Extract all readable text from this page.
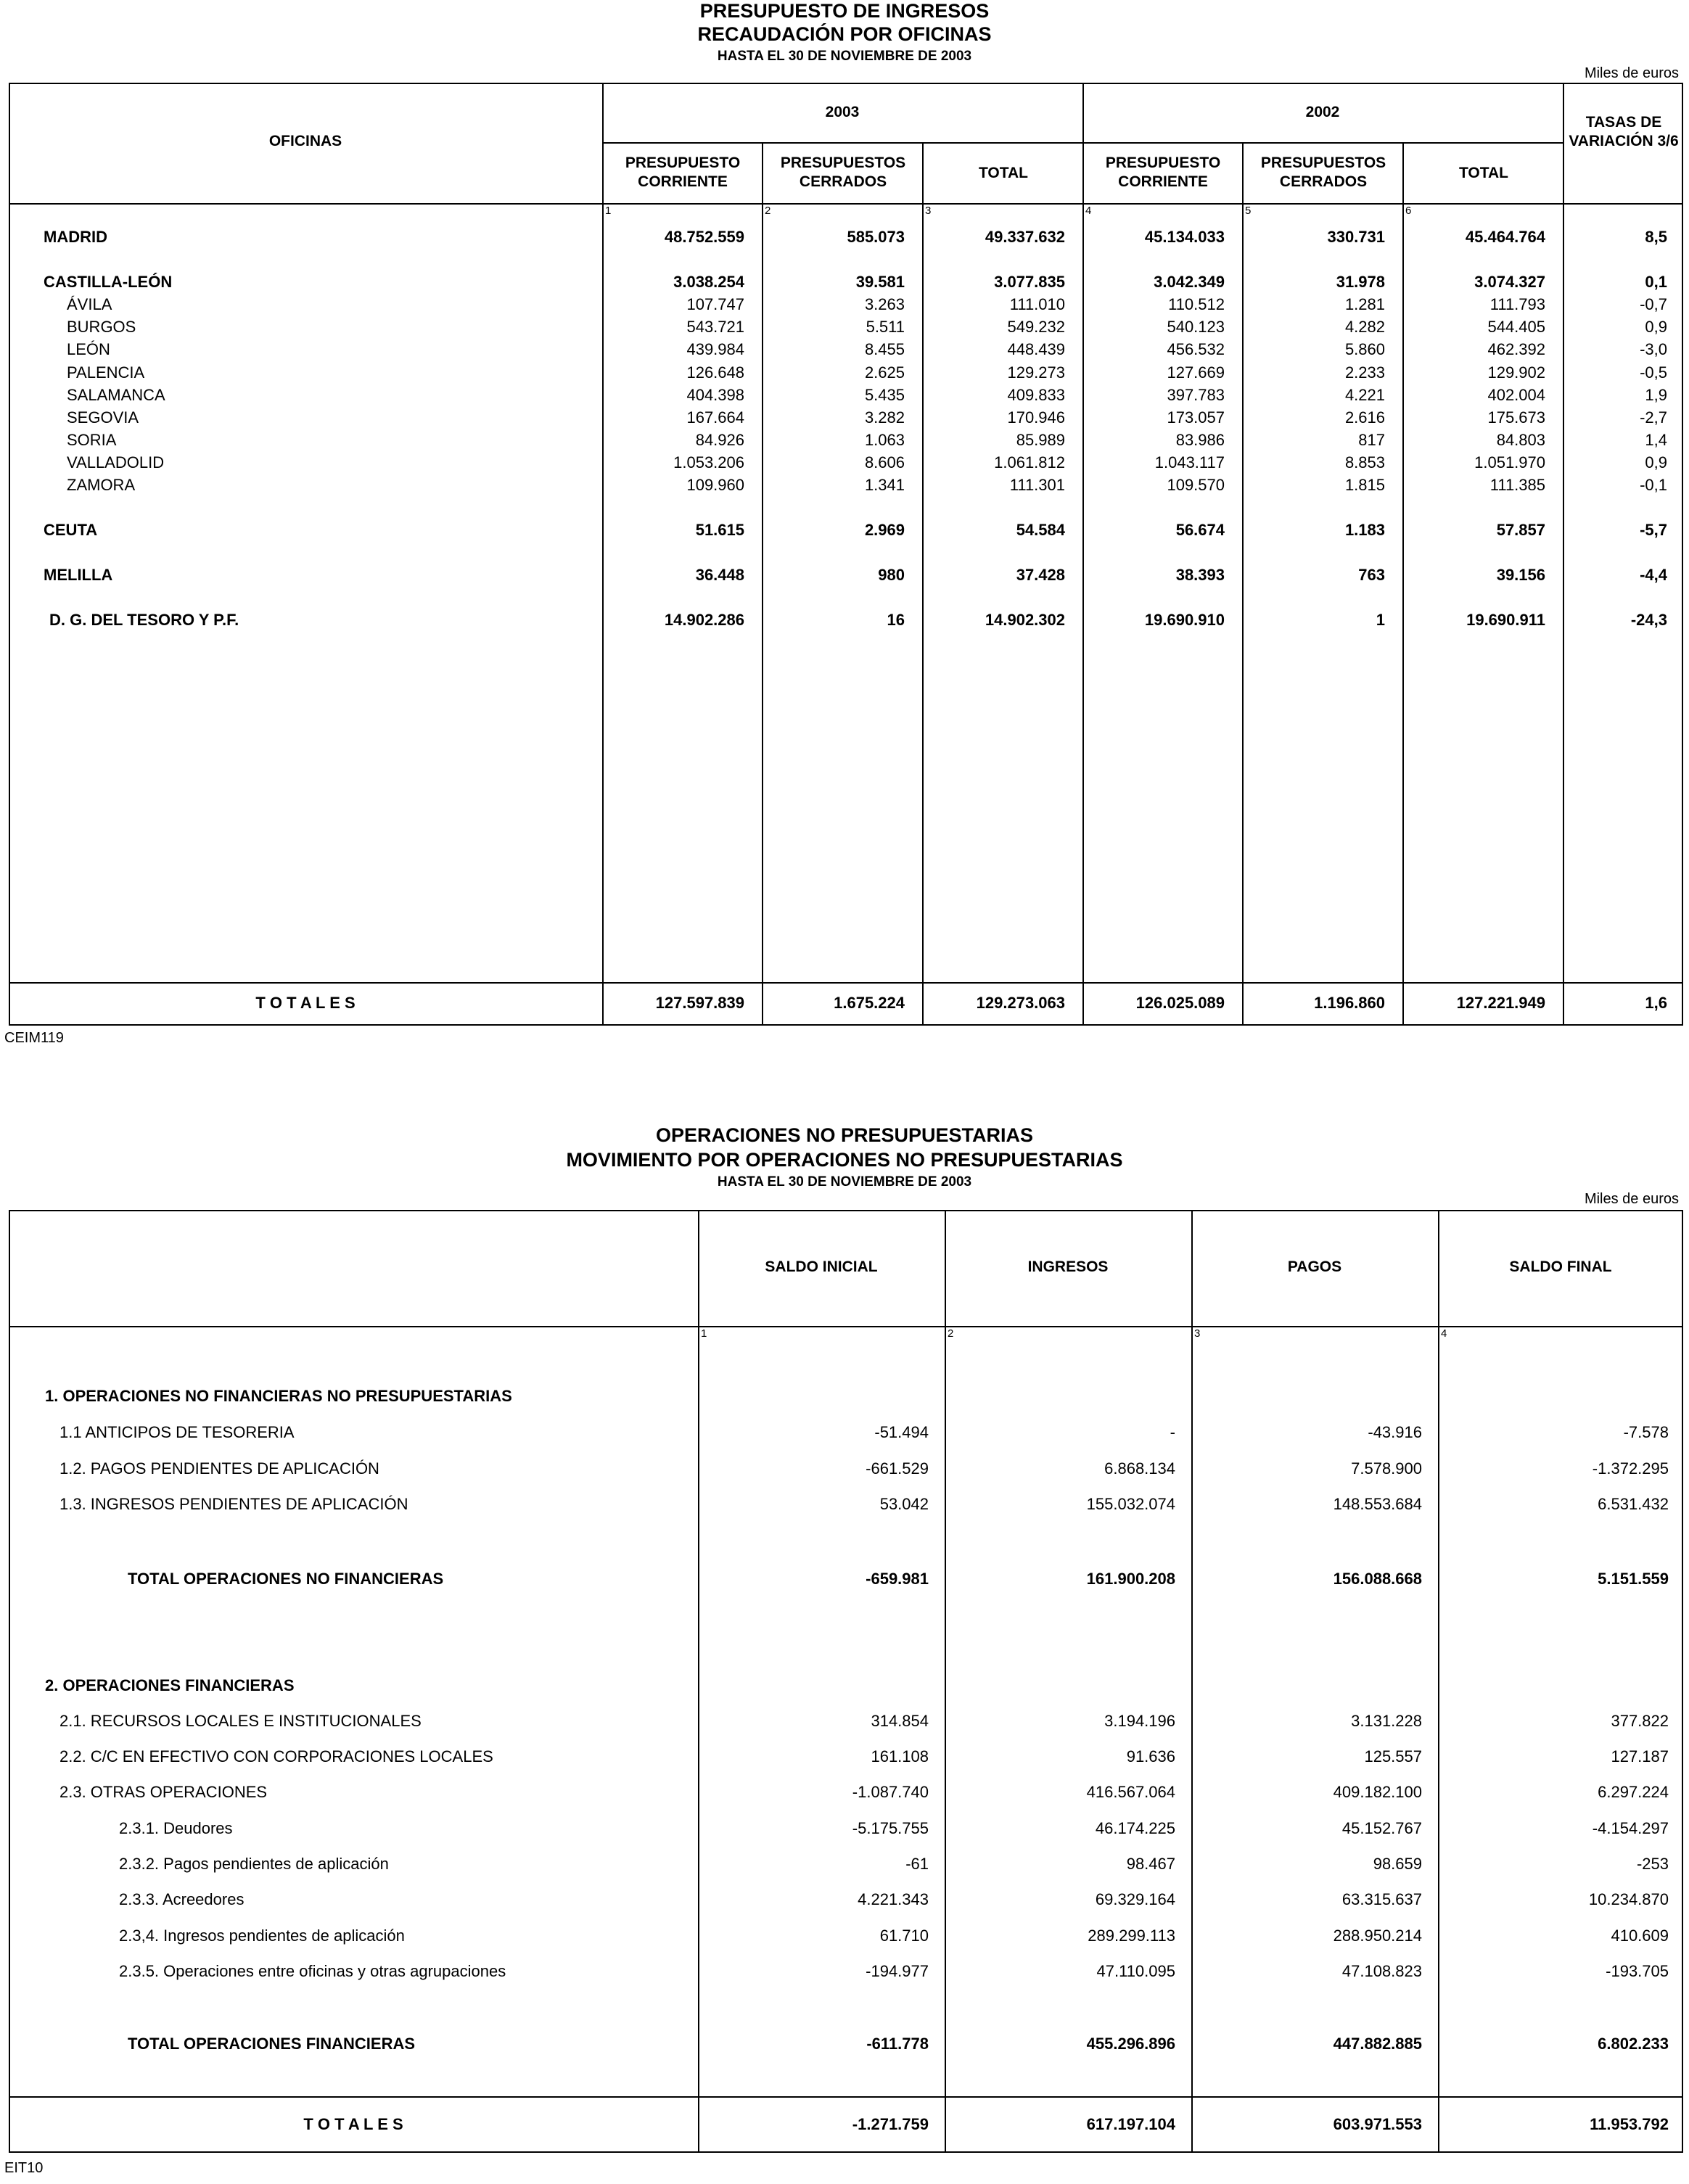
PRESUPUESTO DE INGRESOS
RECAUDACIÓN POR OFICINAS
HASTA EL 30 DE NOVIEMBRE DE 2003
Miles de euros
OFICINAS
2003	2002
TASAS DE VARIACIÓN 3/6
PRESUPUESTO CORRIENTE
PRESUPUESTOS CERRADOS
TOTAL
PRESUPUESTO CORRIENTE
PRESUPUESTOS CERRADOS
TOTAL
1	2	3	4	5	6
MADRID	48.752.559	585.073	49.337.632	45.134.033	330.731	45.464.764	8,5
CASTILLA-LEÓN	3.038.254	39.581	3.077.835	3.042.349	31.978	3.074.327	0,1
ÁVILA	107.747	3.263	111.010	110.512	1.281	111.793	-0,7
BURGOS	543.721	5.511	549.232	540.123	4.282	544.405	0,9
LEÓN	439.984	8.455	448.439	456.532	5.860	462.392	-3,0
PALENCIA	126.648	2.625	129.273	127.669	2.233	129.902	-0,5
SALAMANCA	404.398	5.435	409.833	397.783	4.221	402.004	1,9
SEGOVIA	167.664	3.282	170.946	173.057	2.616	175.673	-2,7
SORIA	84.926	1.063	85.989	83.986	817	84.803	1,4
VALLADOLID	1.053.206	8.606	1.061.812	1.043.117	8.853	1.051.970	0,9
ZAMORA	109.960	1.341	111.301	109.570	1.815	111.385	-0,1
CEUTA	51.615	2.969	54.584	56.674	1.183	57.857	-5,7
MELILLA	36.448	980	37.428	38.393	763	39.156	-4,4
D. G. DEL TESORO Y P.F.	14.902.286	16	14.902.302	19.690.910	1	19.690.911	-24,3
T O T A L E S	127.597.839	1.675.224	129.273.063	126.025.089	1.196.860	127.221.949	1,6
CEIM119
OPERACIONES NO PRESUPUESTARIAS
MOVIMIENTO POR OPERACIONES NO PRESUPUESTARIAS
HASTA EL 30 DE NOVIEMBRE DE 2003
Miles de euros
SALDO INICIAL	INGRESOS	PAGOS	SALDO FINAL
1	2	3	4
1. OPERACIONES NO FINANCIERAS NO PRESUPUESTARIAS
1.1 ANTICIPOS DE TESORERIA	-51.494	-	-43.916	-7.578
1.2. PAGOS PENDIENTES DE APLICACIÓN	-661.529	6.868.134	7.578.900	-1.372.295
1.3. INGRESOS PENDIENTES DE APLICACIÓN	53.042	155.032.074	148.553.684	6.531.432
TOTAL OPERACIONES NO FINANCIERAS	-659.981	161.900.208	156.088.668	5.151.559
2. OPERACIONES FINANCIERAS
2.1. RECURSOS LOCALES E INSTITUCIONALES	314.854	3.194.196	3.131.228	377.822
2.2. C/C EN EFECTIVO CON CORPORACIONES LOCALES	161.108	91.636	125.557	127.187
2.3. OTRAS OPERACIONES	-1.087.740	416.567.064	409.182.100	6.297.224
2.3.1. Deudores	-5.175.755	46.174.225	45.152.767	-4.154.297
2.3.2. Pagos pendientes de aplicación	-61	98.467	98.659	-253
2.3.3. Acreedores	4.221.343	69.329.164	63.315.637	10.234.870
2.3,4. Ingresos pendientes de aplicación	61.710	289.299.113	288.950.214	410.609
2.3.5. Operaciones entre oficinas y otras agrupaciones	-194.977	47.110.095	47.108.823	-193.705
TOTAL OPERACIONES FINANCIERAS	-611.778	455.296.896	447.882.885	6.802.233
T O T A L E S	-1.271.759	617.197.104	603.971.553	11.953.792
EIT10
